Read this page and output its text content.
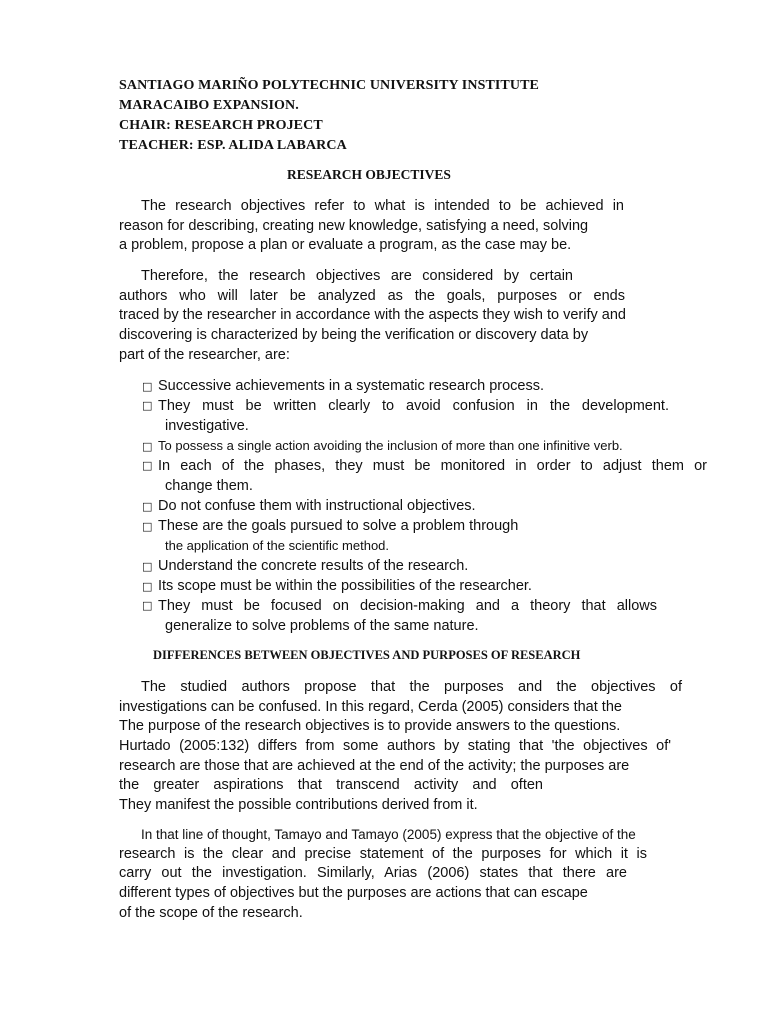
SANTIAGO MARIÑO POLYTECHNIC UNIVERSITY INSTITUTE
MARACAIBO EXPANSION.
CHAIR: RESEARCH PROJECT
TEACHER: ESP. ALIDA LABARCA
RESEARCH OBJECTIVES
The research objectives refer to what is intended to be achieved in
reason for describing, creating new knowledge, satisfying a need, solving
a problem, propose a plan or evaluate a program, as the case may be.
Therefore, the research objectives are considered by certain
authors who will later be analyzed as the goals, purposes or ends
traced by the researcher in accordance with the aspects they wish to verify and
discovering is characterized by being the verification or discovery data by
part of the researcher, are:
□ Successive achievements in a systematic research process.
□ They must be written clearly to avoid confusion in the development.
investigative.
□ To possess a single action avoiding the inclusion of more than one infinitive verb.
□ In each of the phases, they must be monitored in order to adjust them or
change them.
□ Do not confuse them with instructional objectives.
□ These are the goals pursued to solve a problem through
the application of the scientific method.
□ Understand the concrete results of the research.
□ Its scope must be within the possibilities of the researcher.
□ They must be focused on decision-making and a theory that allows
generalize to solve problems of the same nature.
DIFFERENCES BETWEEN OBJECTIVES AND PURPOSES OF RESEARCH
The studied authors propose that the purposes and the objectives of
investigations can be confused. In this regard, Cerda (2005) considers that the
The purpose of the research objectives is to provide answers to the questions.
Hurtado (2005:132) differs from some authors by stating that 'the objectives of'
research are those that are achieved at the end of the activity; the purposes are
the greater aspirations that transcend activity and often
They manifest the possible contributions derived from it.
In that line of thought, Tamayo and Tamayo (2005) express that the objective of the
research is the clear and precise statement of the purposes for which it is
carry out the investigation. Similarly, Arias (2006) states that there are
different types of objectives but the purposes are actions that can escape
of the scope of the research.
